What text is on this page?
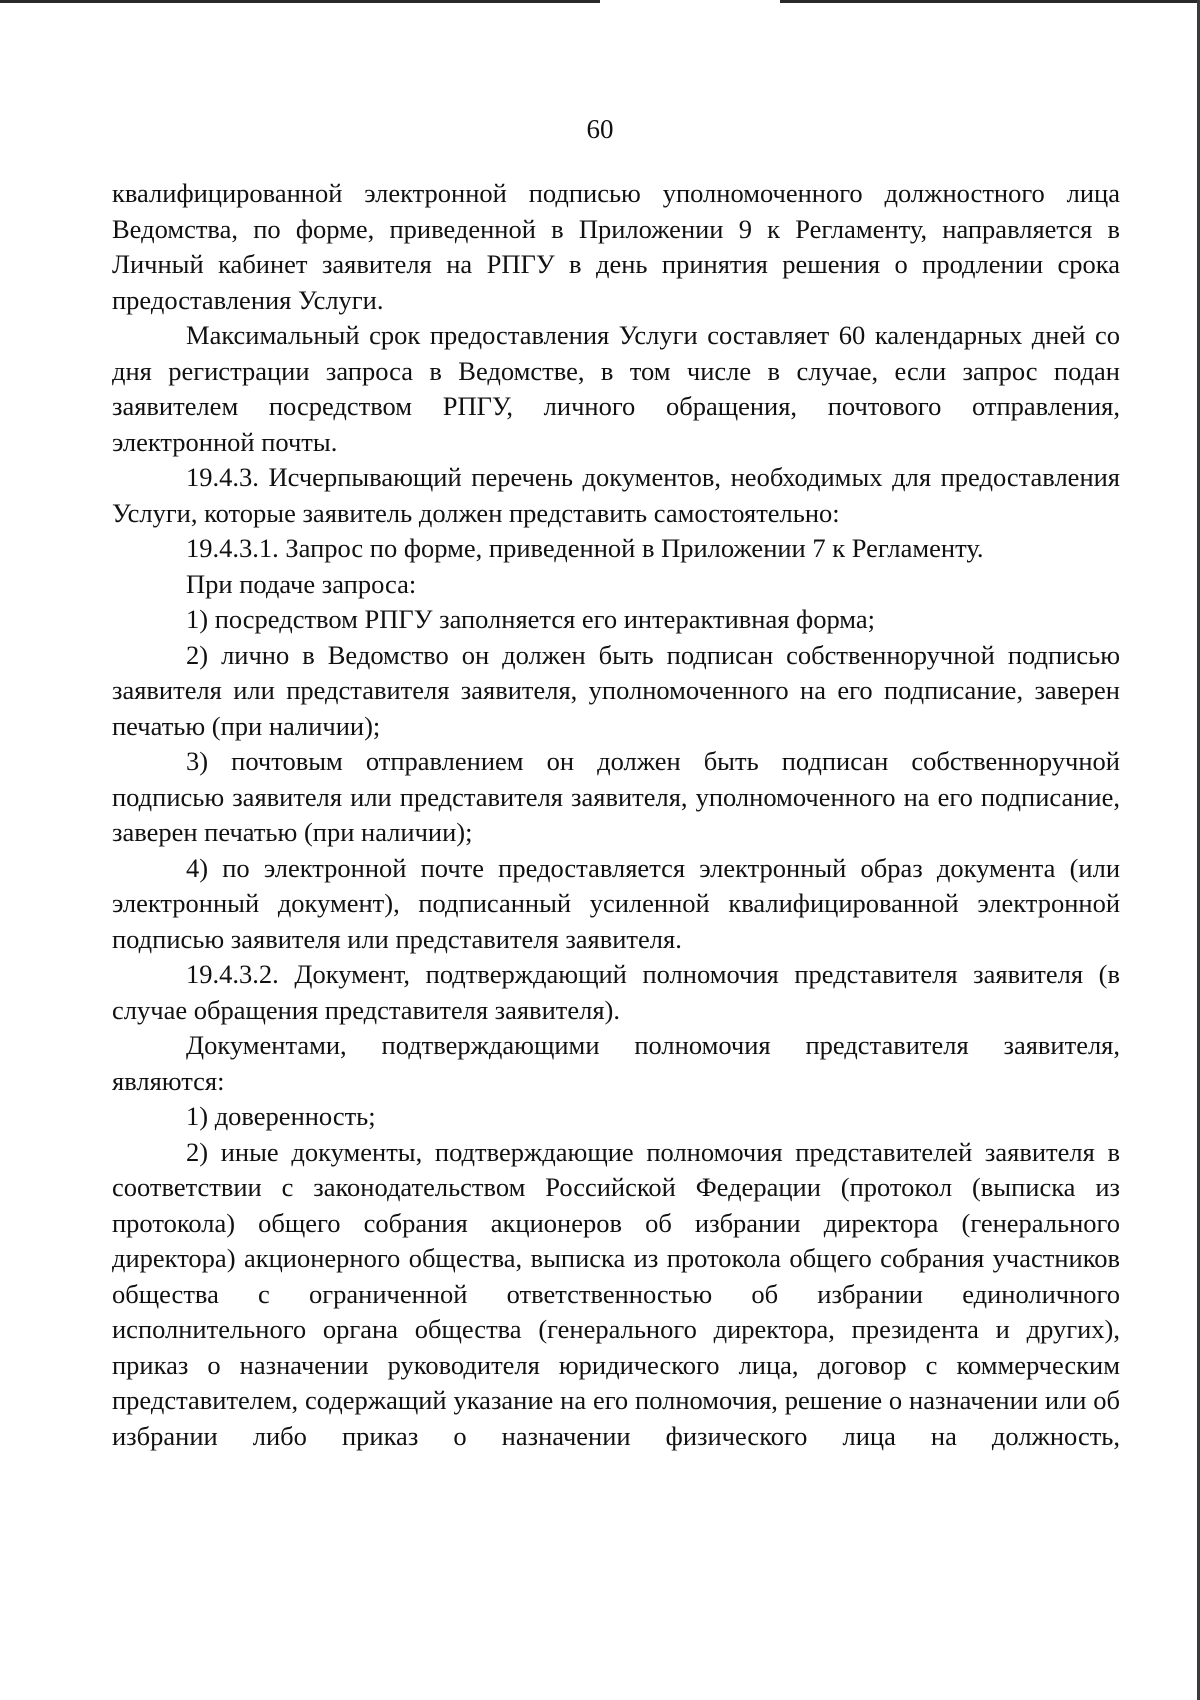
60

квалифицированной электронной подписью уполномоченного должностного лица Ведомства, по форме, приведенной в Приложении 9 к Регламенту, направляется в Личный кабинет заявителя на РПГУ в день принятия решения о продлении срока предоставления Услуги.

Максимальный срок предоставления Услуги составляет 60 календарных дней со дня регистрации запроса в Ведомстве, в том числе в случае, если запрос подан заявителем посредством РПГУ, личного обращения, почтового отправления, электронной почты.

19.4.3. Исчерпывающий перечень документов, необходимых для предоставления Услуги, которые заявитель должен представить самостоятельно:

19.4.3.1. Запрос по форме, приведенной в Приложении 7 к Регламенту.

При подаче запроса:

1) посредством РПГУ заполняется его интерактивная форма;

2) лично в Ведомство он должен быть подписан собственноручной подписью заявителя или представителя заявителя, уполномоченного на его подписание, заверен печатью (при наличии);

3) почтовым отправлением он должен быть подписан собственноручной подписью заявителя или представителя заявителя, уполномоченного на его подписание, заверен печатью (при наличии);

4) по электронной почте предоставляется электронный образ документа (или электронный документ), подписанный усиленной квалифицированной электронной подписью заявителя или представителя заявителя.

19.4.3.2. Документ, подтверждающий полномочия представителя заявителя (в случае обращения представителя заявителя).

Документами, подтверждающими полномочия представителя заявителя, являются:

1) доверенность;

2) иные документы, подтверждающие полномочия представителей заявителя в соответствии с законодательством Российской Федерации (протокол (выписка из протокола) общего собрания акционеров об избрании директора (генерального директора) акционерного общества, выписка из протокола общего собрания участников общества с ограниченной ответственностью об избрании единоличного исполнительного органа общества (генерального директора, президента и других), приказ о назначении руководителя юридического лица, договор с коммерческим представителем, содержащий указание на его полномочия, решение о назначении или об избрании либо приказ о назначении физического лица на должность,
